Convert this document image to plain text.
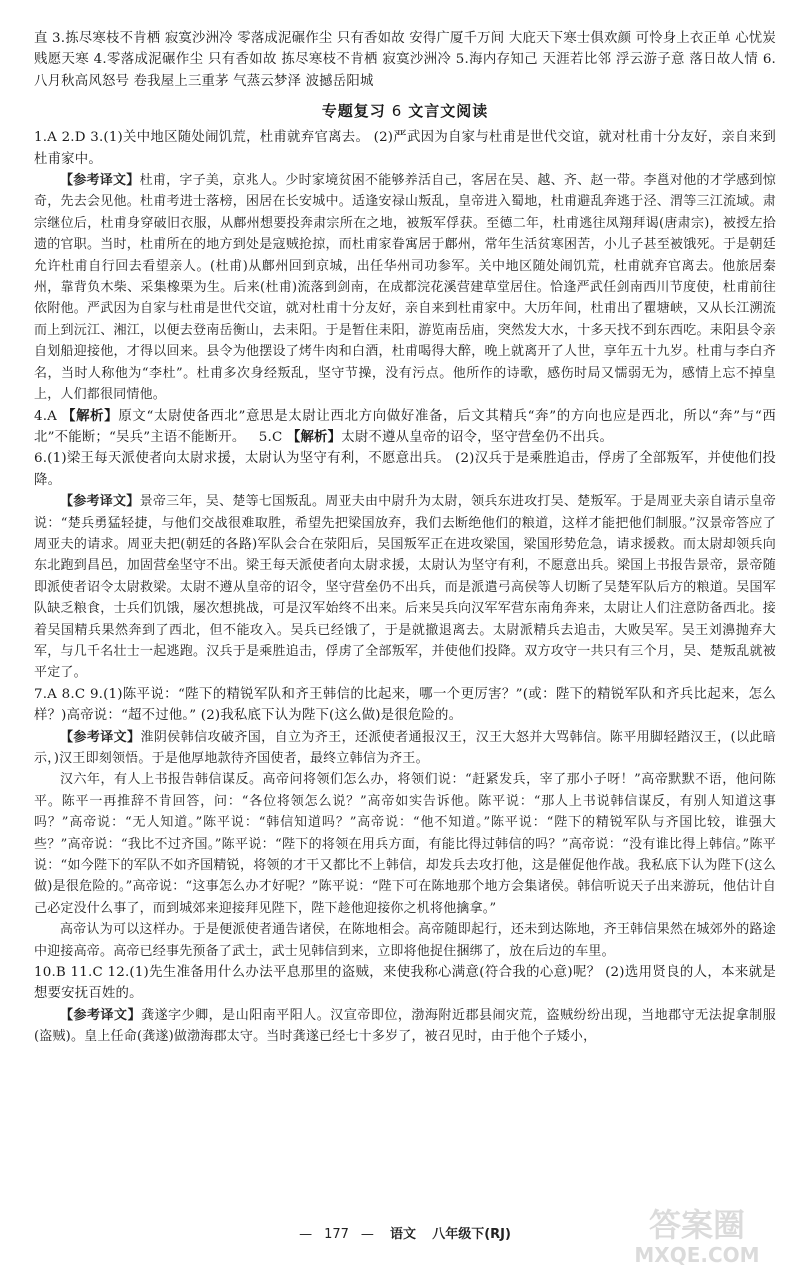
直 3.拣尽寒枝不肯栖 寂寞沙洲冷 零落成泥碾作尘 只有香如故 安得广厦千万间 大庇天下寒士俱欢颜 可怜身上衣正单 心忧炭贱愿天寒 4.零落成泥碾作尘 只有香如故 拣尽寒枝不肯栖 寂寞沙洲冷 5.海内存知己 天涯若比邻 浮云游子意 落日故人情 6.八月秋高风怒号 卷我屋上三重茅 气蒸云梦泽 波撼岳阳城

专题复习 6 文言文阅读

1.A 2.D 3.(1)关中地区随处闹饥荒，杜甫就弃官离去。 (2)严武因为自家与杜甫是世代交谊，就对杜甫十分友好，亲自来到杜甫家中。

【参考译文】杜甫，字子美，京兆人。少时家境贫困不能够养活自己，客居在吴、越、齐、赵一带。李邕对他的才学感到惊奇，先去会见他。杜甫考进士落榜，困居在长安城中。适逢安禄山叛乱，皇帝进入蜀地，杜甫避乱奔逃于泾、渭等三江流域。肃宗继位后，杜甫身穿破旧衣服，从鄜州想要投奔肃宗所在之地，被叛军俘获。至德二年，杜甫逃往凤翔拜谒(唐肃宗)，被授左拾遗的官职。当时，杜甫所在的地方到处是寇贼抢掠，而杜甫家眷寓居于鄜州，常年生活贫寒困苦，小儿子甚至被饿死。于是朝廷允许杜甫自行回去看望亲人。(杜甫)从鄜州回到京城，出任华州司功参军。关中地区随处闹饥荒，杜甫就弃官离去。他旅居秦州，靠背负木柴、采集橡栗为生。后来(杜甫)流落到剑南，在成都浣花溪营建草堂居住。恰逢严武任剑南西川节度使，杜甫前往依附他。严武因为自家与杜甫是世代交谊，就对杜甫十分友好，亲自来到杜甫家中。大历年间，杜甫出了瞿塘峡，又从长江溯流而上到沅江、湘江，以便去登南岳衡山，去耒阳。于是暂住耒阳，游览南岳庙，突然发大水，十多天找不到东西吃。耒阳县令亲自划船迎接他，才得以回来。县令为他摆设了烤牛肉和白酒，杜甫喝得大醉，晚上就离开了人世，享年五十九岁。杜甫与李白齐名，当时人称他为“李杜”。杜甫多次身经叛乱，坚守节操，没有污点。他所作的诗歌，感伤时局又懦弱无为，感情上忘不掉皇上，人们都很同情他。

4.A 【解析】原文“太尉使备西北”意思是太尉让西北方向做好准备，后文其精兵“奔”的方向也应是西北，所以“奔”与“西北”不能断；“吴兵”主语不能断开。 5.C 【解析】太尉不遵从皇帝的诏令，坚守营垒仍不出兵。

6.(1)梁王每天派使者向太尉求援，太尉认为坚守有利，不愿意出兵。 (2)汉兵于是乘胜追击，俘虏了全部叛军，并使他们投降。

【参考译文】景帝三年，吴、楚等七国叛乱。周亚夫由中尉升为太尉，领兵东进攻打吴、楚叛军。于是周亚夫亲自请示皇帝说：“楚兵勇猛轻捷，与他们交战很难取胜，希望先把梁国放弃，我们去断绝他们的粮道，这样才能把他们制服。”汉景帝答应了周亚夫的请求。周亚夫把(朝廷的各路)军队会合在荥阳后，吴国叛军正在进攻梁国，梁国形势危急，请求援救。而太尉却领兵向东北跑到昌邑，加固营垒坚守不出。梁王每天派使者向太尉求援，太尉认为坚守有利，不愿意出兵。梁国上书报告景帝，景帝随即派使者诏令太尉救梁。太尉不遵从皇帝的诏令，坚守营垒仍不出兵，而是派遣弓高侯等人切断了吴楚军队后方的粮道。吴国军队缺乏粮食，士兵们饥饿，屡次想挑战，可是汉军始终不出来。后来吴兵向汉军军营东南角奔来，太尉让人们注意防备西北。接着吴国精兵果然奔到了西北，但不能攻入。吴兵已经饿了，于是就撤退离去。太尉派精兵去追击，大败吴军。吴王刘濞抛弃大军，与几千名壮士一起逃跑。汉兵于是乘胜追击，俘虏了全部叛军，并使他们投降。双方攻守一共只有三个月，吴、楚叛乱就被平定了。

7.A 8.C 9.(1)陈平说：“陛下的精锐军队和齐王韩信的比起来，哪一个更厉害？”(或：陛下的精锐军队和齐兵比起来，怎么样？)高帝说：“超不过他。” (2)我私底下认为陛下(这么做)是很危险的。

【参考译文】淮阴侯韩信攻破齐国，自立为齐王，还派使者通报汉王，汉王大怒并大骂韩信。陈平用脚轻踏汉王，(以此暗示，)汉王即刻领悟。于是他厚地款待齐国使者，最终立韩信为齐王。

汉六年，有人上书报告韩信谋反。高帝问将领们怎么办，将领们说：“赶紧发兵，宰了那小子呀！”高帝默默不语，他问陈平。陈平一再推辞不肯回答，问：“各位将领怎么说？”高帝如实告诉他。陈平说：“那人上书说韩信谋反，有别人知道这事吗？”高帝说：“无人知道。”陈平说：“韩信知道吗？”高帝说：“他不知道。”陈平说：“陛下的精锐军队与齐国比较，谁强大些？”高帝说：“我比不过齐国。”陈平说：“陛下的将领在用兵方面，有能比得过韩信的吗？”高帝说：“没有谁比得上韩信。”陈平说：“如今陛下的军队不如齐国精锐，将领的才干又都比不上韩信，却发兵去攻打他，这是催促他作战。我私底下认为陛下(这么做)是很危险的。”高帝说：“这事怎么办才好呢？”陈平说：“陛下可在陈地那个地方会集诸侯。韩信听说天子出来游玩，他估计自己必定没什么事了，而到城郊来迎接拜见陛下，陛下趁他迎接你之机将他擒拿。”

高帝认为可以这样办。于是便派使者通告诸侯，在陈地相会。高帝随即起行，还未到达陈地，齐王韩信果然在城郊外的路途中迎接高帝。高帝已经事先预备了武士，武士见韩信到来，立即将他捉住捆绑了，放在后边的车里。

10.B 11.C 12.(1)先生准备用什么办法平息那里的盗贼，来使我称心满意(符合我的心意)呢？ (2)选用贤良的人，本来就是想要安抚百姓的。

【参考译文】龚遂字少卿，是山阳南平阳人。汉宣帝即位，渤海附近郡县闹灾荒，盗贼纷纷出现，当地郡守无法捉拿制服(盗贼)。皇上任命(龚遂)做渤海郡太守。当时龚遂已经七十多岁了，被召见时，由于他个子矮小，

— 177 — 语文 八年级下(RJ)	答案圈
MXQE.COM
